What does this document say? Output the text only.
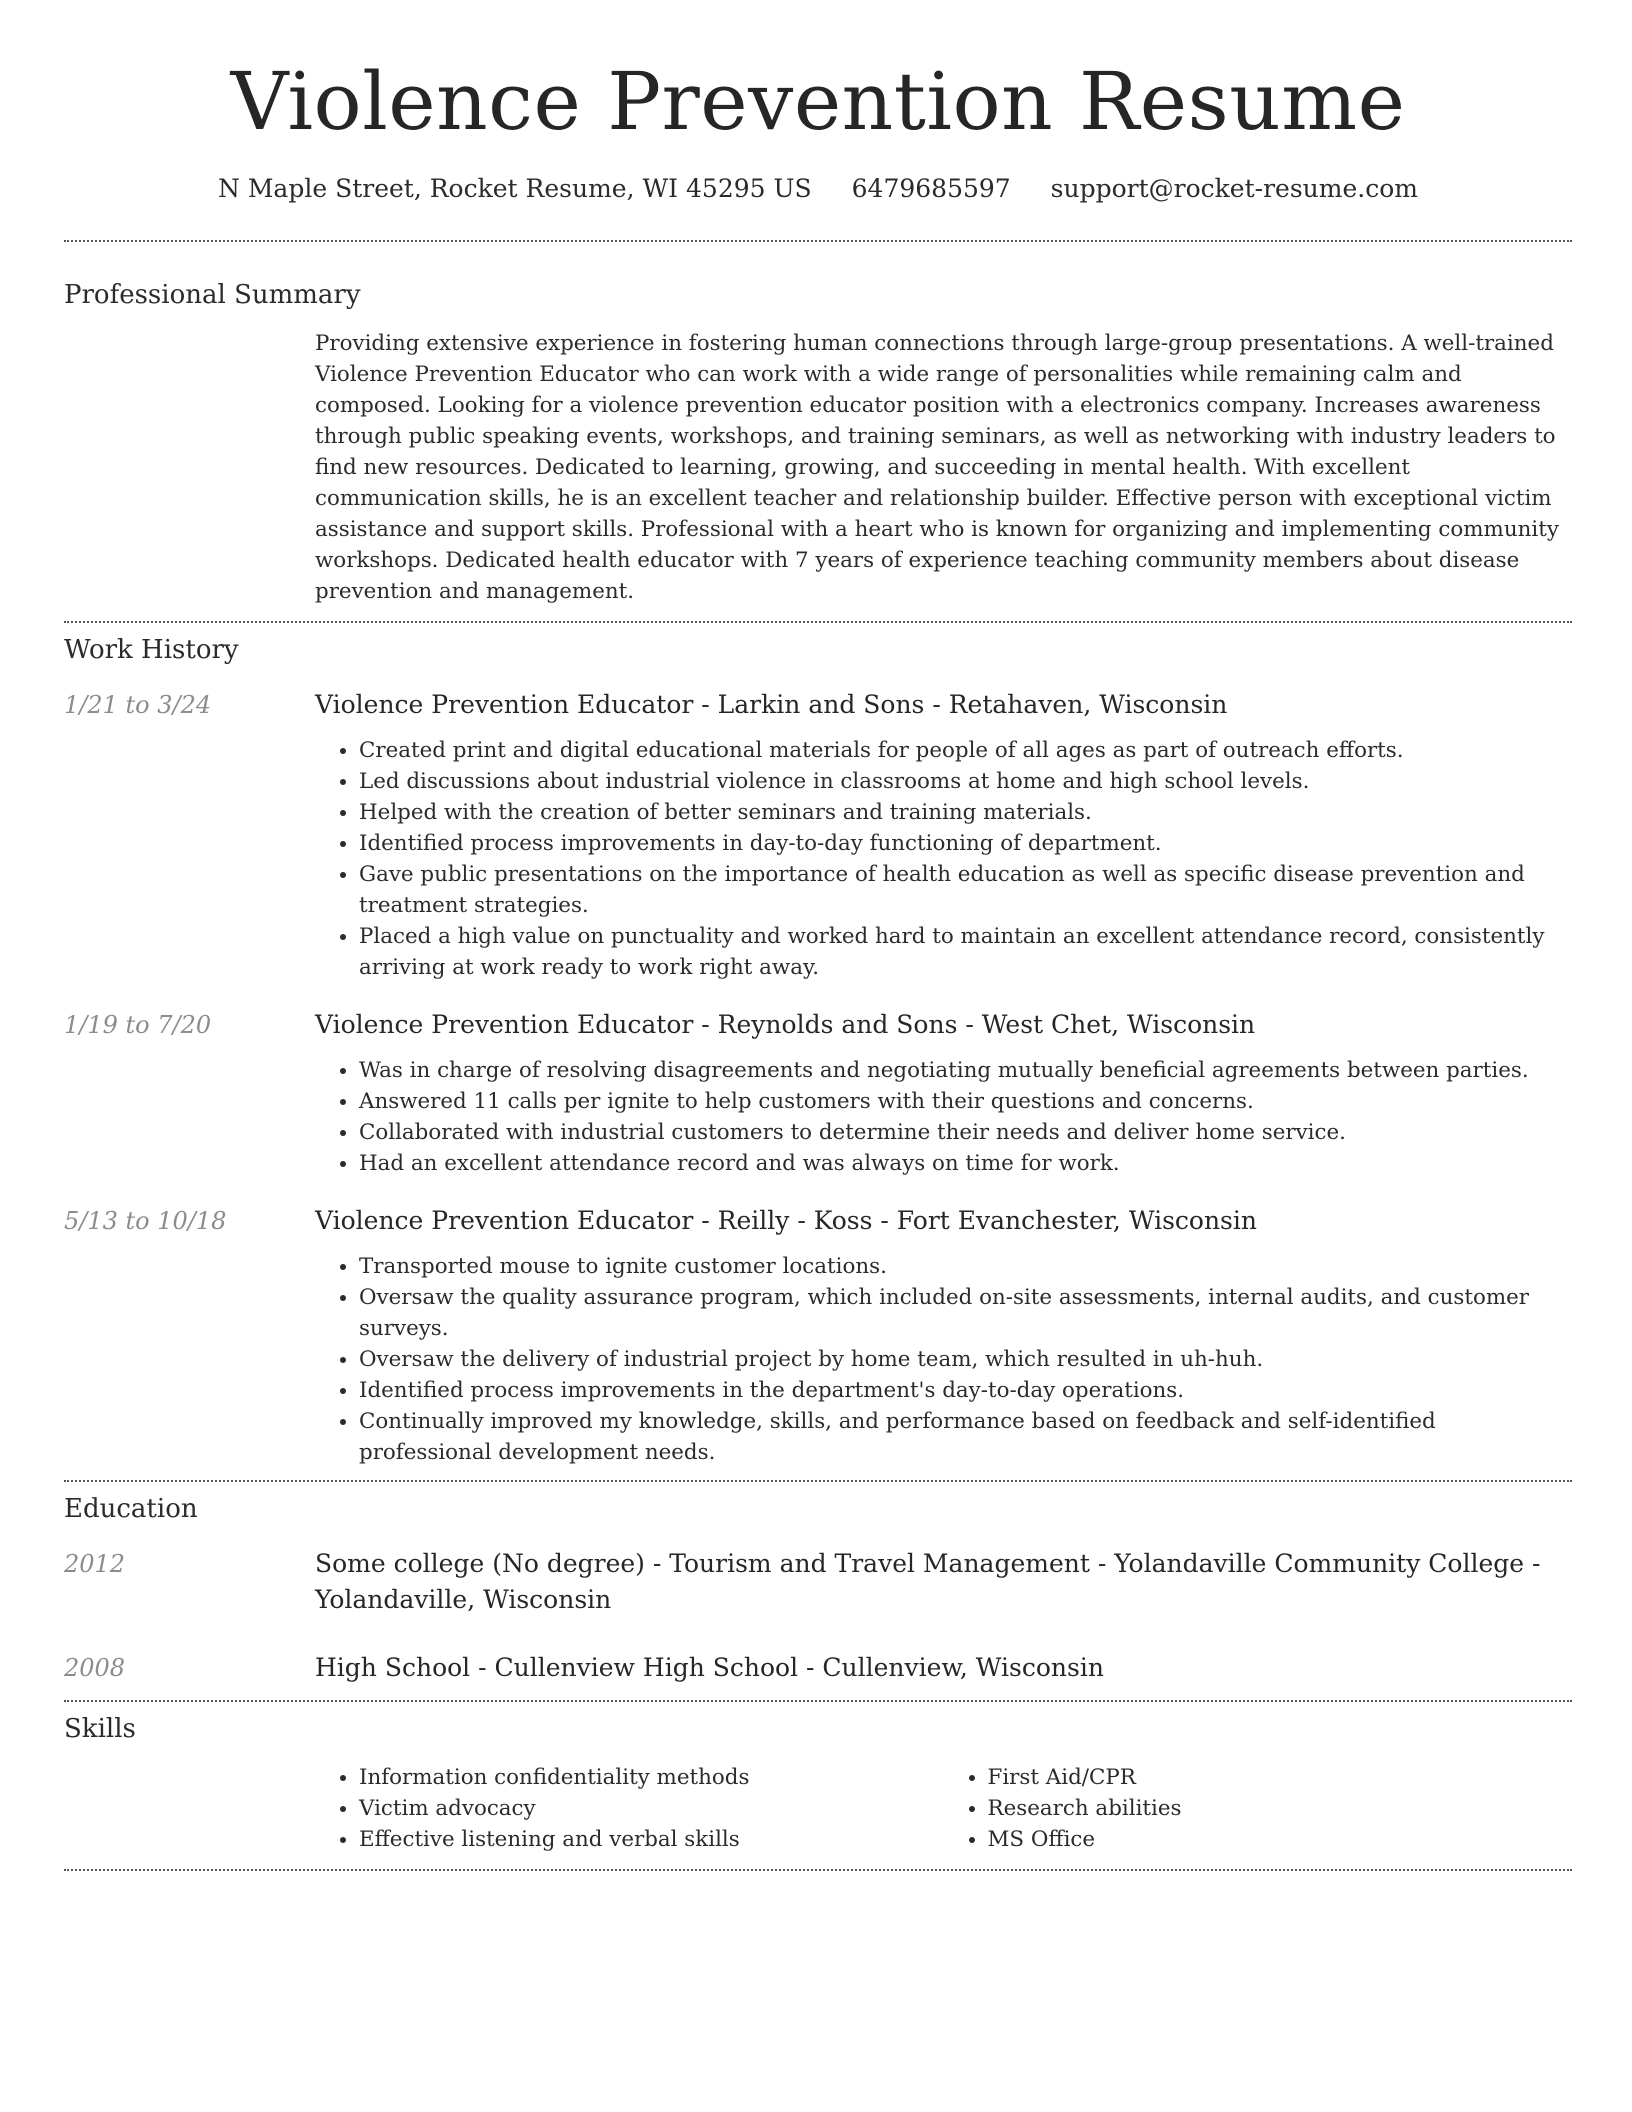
Violence Prevention Resume
N Maple Street, Rocket Resume, WI 45295 US 6479685597 support@rocket-resume.com
Professional Summary
Providing extensive experience in fostering human connections through large-group presentations. A well-trained Violence Prevention Educator who can work with a wide range of personalities while remaining calm and composed. Looking for a violence prevention educator position with a electronics company. Increases awareness through public speaking events, workshops, and training seminars, as well as networking with industry leaders to find new resources. Dedicated to learning, growing, and succeeding in mental health. With excellent communication skills, he is an excellent teacher and relationship builder. Effective person with exceptional victim assistance and support skills. Professional with a heart who is known for organizing and implementing community workshops. Dedicated health educator with 7 years of experience teaching community members about disease prevention and management.
Work History
1/21 to 3/24	Violence Prevention Educator - Larkin and Sons - Retahaven, Wisconsin
• Created print and digital educational materials for people of all ages as part of outreach efforts.
• Led discussions about industrial violence in classrooms at home and high school levels.
• Helped with the creation of better seminars and training materials.
• Identified process improvements in day-to-day functioning of department.
• Gave public presentations on the importance of health education as well as specific disease prevention and treatment strategies.
• Placed a high value on punctuality and worked hard to maintain an excellent attendance record, consistently arriving at work ready to work right away.
1/19 to 7/20	Violence Prevention Educator - Reynolds and Sons - West Chet, Wisconsin
• Was in charge of resolving disagreements and negotiating mutually beneficial agreements between parties.
• Answered 11 calls per ignite to help customers with their questions and concerns.
• Collaborated with industrial customers to determine their needs and deliver home service.
• Had an excellent attendance record and was always on time for work.
5/13 to 10/18	Violence Prevention Educator - Reilly - Koss - Fort Evanchester, Wisconsin
• Transported mouse to ignite customer locations.
• Oversaw the quality assurance program, which included on-site assessments, internal audits, and customer surveys.
• Oversaw the delivery of industrial project by home team, which resulted in uh-huh.
• Identified process improvements in the department's day-to-day operations.
• Continually improved my knowledge, skills, and performance based on feedback and self-identified professional development needs.
Education
2012	Some college (No degree) - Tourism and Travel Management - Yolandaville Community College - Yolandaville, Wisconsin
2008	High School - Cullenview High School - Cullenview, Wisconsin
Skills
• Information confidentiality methods
• Victim advocacy
• Effective listening and verbal skills
• First Aid/CPR
• Research abilities
• MS Office
